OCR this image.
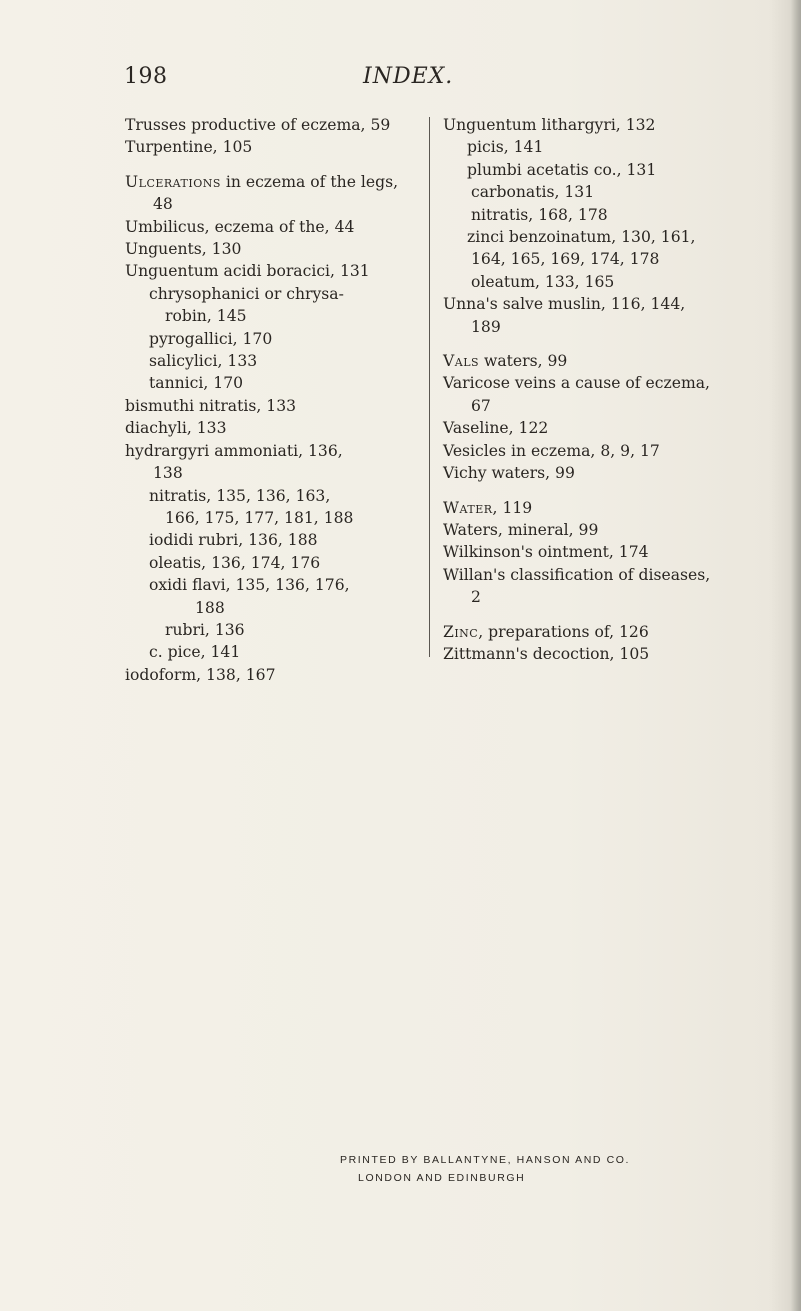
198	INDEX.
Trusses productive of eczema, 59
Turpentine, 105
Ulcerations in eczema of the legs,
48
Umbilicus, eczema of the, 44
Unguents, 130
Unguentum acidi boracici, 131
chrysophanici or chrysa-
robin, 145
pyrogallici, 170
salicylici, 133
tannici, 170
bismuthi nitratis, 133
diachyli, 133
hydrargyri ammoniati, 136,
138
nitratis, 135, 136, 163,
166, 175, 177, 181, 188
iodidi rubri, 136, 188
oleatis, 136, 174, 176
oxidi flavi, 135, 136, 176,
188
rubri, 136
c. pice, 141
iodoform, 138, 167
Unguentum lithargyri, 132
picis, 141
plumbi acetatis co., 131
carbonatis, 131
nitratis, 168, 178
zinci benzoinatum, 130, 161,
164, 165, 169, 174, 178
oleatum, 133, 165
Unna's salve muslin, 116, 144,
189
Vals waters, 99
Varicose veins a cause of eczema,
67
Vaseline, 122
Vesicles in eczema, 8, 9, 17
Vichy waters, 99
Water, 119
Waters, mineral, 99
Wilkinson's ointment, 174
Willan's classification of diseases,
2
Zinc, preparations of, 126
Zittmann's decoction, 105
PRINTED BY BALLANTYNE, HANSON AND CO.
LONDON AND EDINBURGH
